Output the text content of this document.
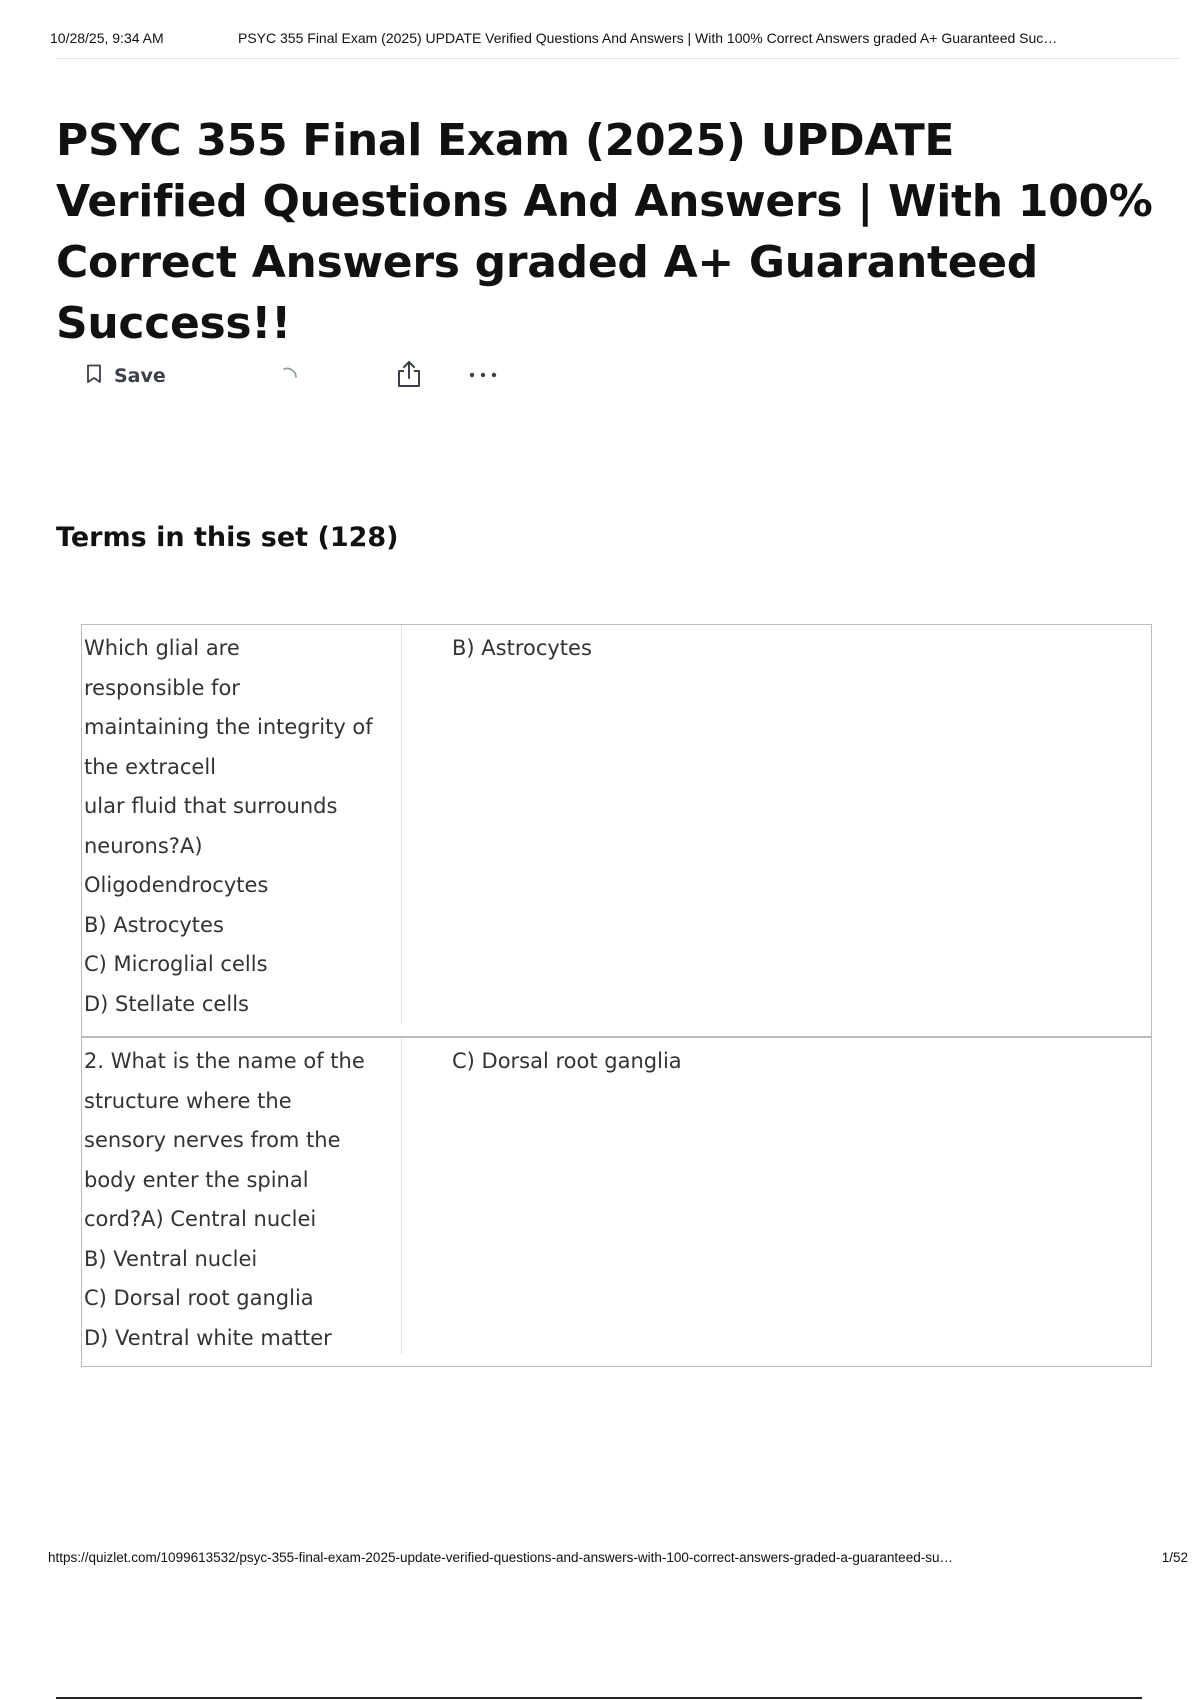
10/28/25, 9:34 AM	PSYC 355 Final Exam (2025) UPDATE Verified Questions And Answers | With 100% Correct Answers graded A+ Guaranteed Suc…
PSYC 355 Final Exam (2025) UPDATE Verified Questions And Answers | With 100% Correct Answers graded A+ Guaranteed Success!!
Save
Terms in this set (128)
Which glial are
responsible for
maintaining the integrity of
the extracell
ular fluid that surrounds
neurons?A)
Oligodendrocytes
B) Astrocytes
C) Microglial cells
D) Stellate cells
B) Astrocytes
2. What is the name of the
structure where the
sensory nerves from the
body enter the spinal
cord?A) Central nuclei
B) Ventral nuclei
C) Dorsal root ganglia
D) Ventral white matter
C) Dorsal root ganglia
https://quizlet.com/1099613532/psyc-355-final-exam-2025-update-verified-questions-and-answers-with-100-correct-answers-graded-a-guaranteed-su…	1/52
